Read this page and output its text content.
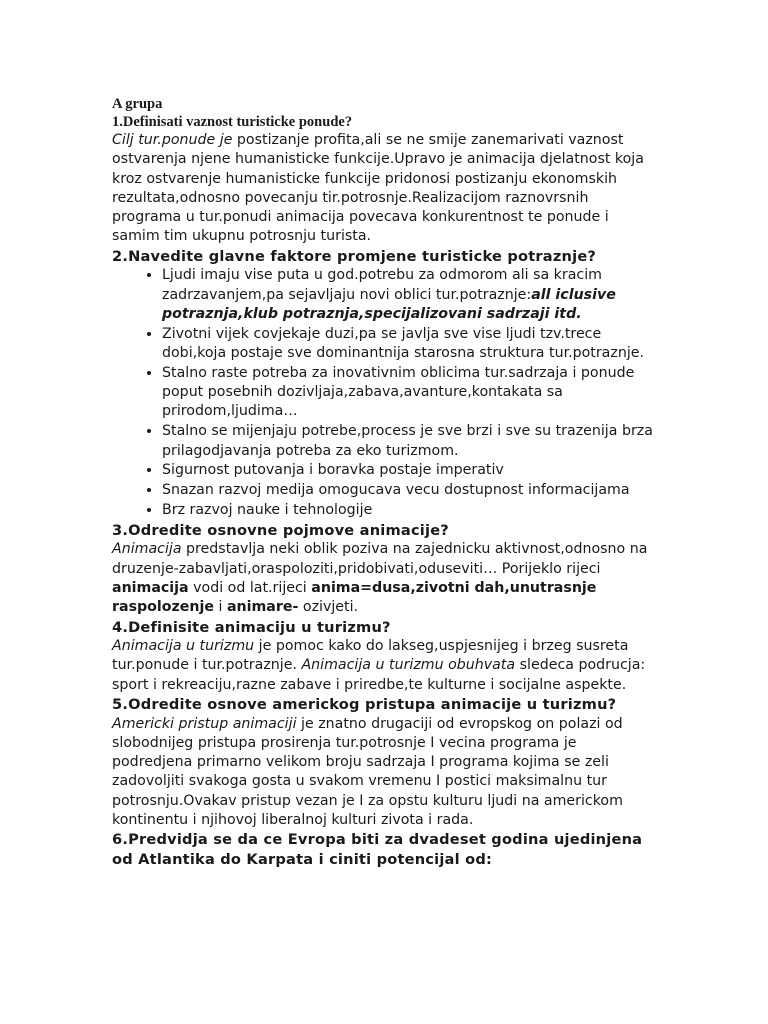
A grupa

1.Definisati vaznost turisticke ponude?

Cilj tur.ponude je postizanje profita,ali se ne smije zanemarivati vaznost ostvarenja njene humanisticke funkcije.Upravo je animacija djelatnost koja kroz ostvarenje humanisticke funkcije pridonosi postizanju ekonomskih rezultata,odnosno povecanju tir.potrosnje.Realizacijom raznovrsnih programa u tur.ponudi animacija povecava konkurentnost te ponude i samim tim ukupnu potrosnju turista.

2.Navedite glavne faktore promjene turisticke potraznje?
• Ljudi imaju vise puta u god.potrebu za odmorom ali sa kracim zadrzavanjem,pa sejavljaju novi oblici tur.potraznje:all iclusive potraznja,klub potraznja,specijalizovani sadrzaji itd.
• Zivotni vijek covjekaje duzi,pa se javlja sve vise ljudi tzv.trece dobi,koja postaje sve dominantnija starosna struktura tur.potraznje.
• Stalno raste potreba za inovativnim oblicima tur.sadrzaja i ponude poput posebnih dozivljaja,zabava,avanture,kontakata sa prirodom,ljudima…
• Stalno se mijenjaju potrebe,process je sve brzi i sve su trazenija brza prilagodjavanja potreba za eko turizmom.
• Sigurnost putovanja i boravka postaje imperativ
• Snazan razvoj medija omogucava vecu dostupnost informacijama
• Brz razvoj nauke i tehnologije
3.Odredite osnovne pojmove animacije?

Animacija predstavlja neki oblik poziva na zajednicku aktivnost,odnosno na druzenje-zabavljati,oraspoloziti,pridobivati,oduseviti… Porijeklo rijeci animacija vodi od lat.rijeci anima=dusa,zivotni dah,unutrasnje raspolozenje i animare- ozivjeti.

4.Definisite animaciju u turizmu?

Animacija u turizmu je pomoc kako do lakseg,uspjesnijeg i brzeg susreta tur.ponude i tur.potraznje. Animacija u turizmu obuhvata sledeca podrucja: sport i rekreaciju,razne zabave i priredbe,te kulturne i socijalne aspekte.

5.Odredite osnove americkog pristupa animacije u turizmu?

Americki pristup animaciji je znatno drugaciji od evropskog on polazi od slobodnijeg pristupa prosirenja tur.potrosnje I vecina programa je podredjena primarno velikom broju sadrzaja I programa kojima se zeli zadovoljiti svakoga gosta u svakom vremenu I postici maksimalnu tur potrosnju.Ovakav pristup vezan je I za opstu kulturu ljudi na americkom kontinentu i njihovoj liberalnoj kulturi zivota i rada.

6.Predvidja se da ce Evropa biti za dvadeset godina ujedinjena od Atlantika do Karpata i ciniti potencijal od:
